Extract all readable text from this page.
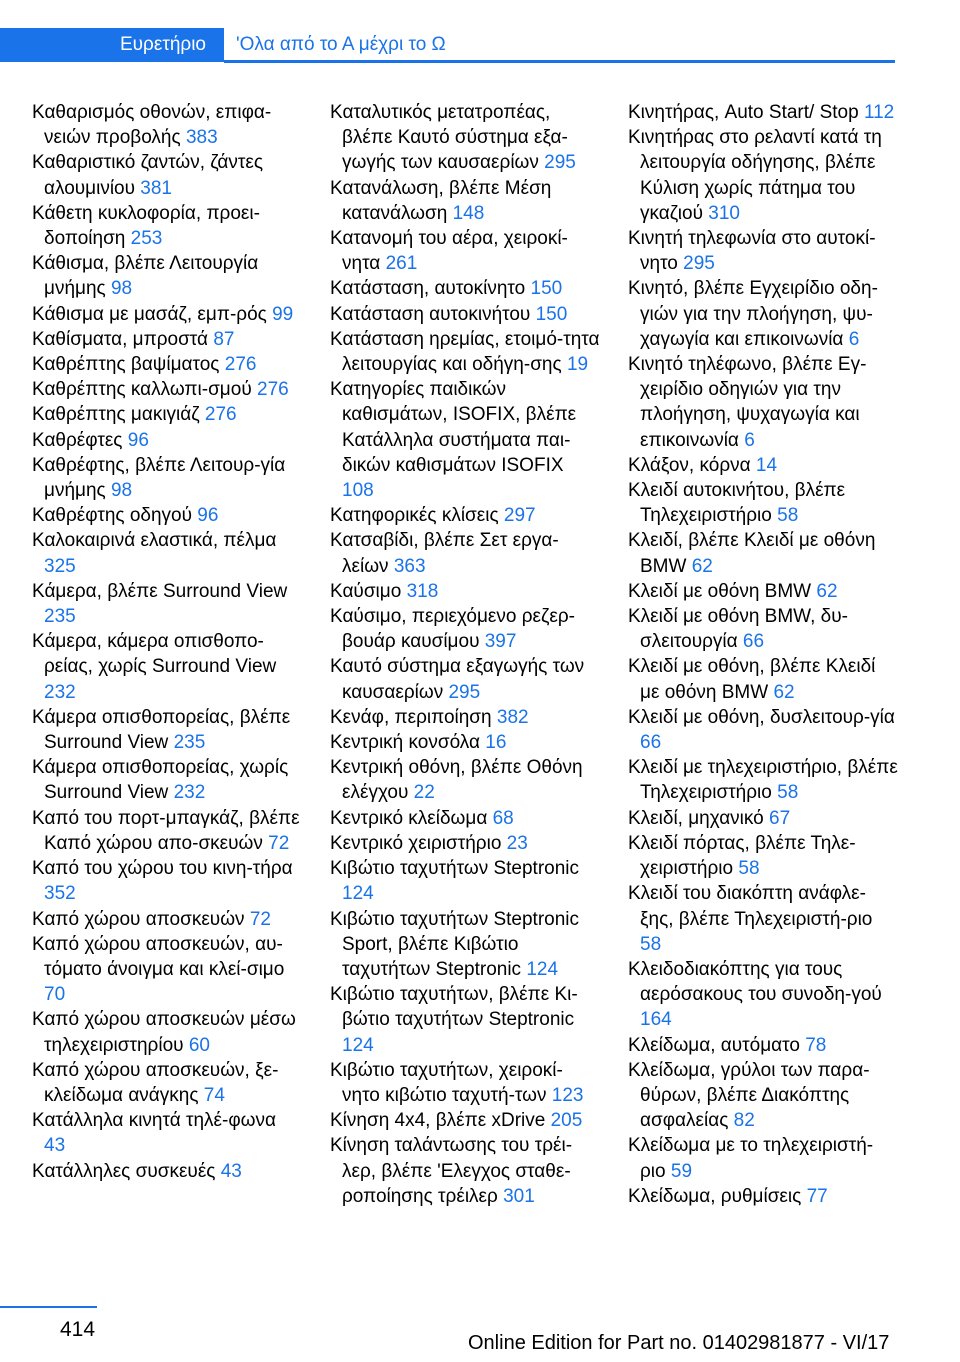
Ευρετήριο	'Ολα από το Α μέχρι το Ω

Καθαρισμός οθονών, επιφα-νειών προβολής 383

Καθαριστικό ζαντών, ζάντες αλουμινίου 381

Κάθετη κυκλοφορία, προει-δοποίηση 253

Κάθισμα, βλέπε Λειτουργία μνήμης 98

Κάθισμα με μασάζ, εμπ-ρός 99

Καθίσματα, μπροστά 87

Καθρέπτης βαψίματος 276

Καθρέπτης καλλωπι-σμού 276

Καθρέπτης μακιγιάζ 276

Καθρέφτες 96

Καθρέφτης, βλέπε Λειτουρ-γία μνήμης 98

Καθρέφτης οδηγού 96

Καλοκαιρινά ελαστικά, πέλμα 325

Κάμερα, βλέπε Surround View 235

Κάμερα, κάμερα οπισθοπο-ρείας, χωρίς Surround View 232

Κάμερα οπισθοπορείας, βλέπε Surround View 235

Κάμερα οπισθοπορείας, χωρίς Surround View 232

Καπό του πορτ-μπαγκάζ, βλέπε Καπό χώρου απο-σκευών 72

Καπό του χώρου του κινη-τήρα 352

Καπό χώρου αποσκευών 72

Καπό χώρου αποσκευών, αυ-τόματο άνοιγμα και κλεί-σιμο 70

Καπό χώρου αποσκευών μέσω τηλεχειριστηρίου 60

Καπό χώρου αποσκευών, ξε-κλείδωμα ανάγκης 74

Κατάλληλα κινητά τηλέ-φωνα 43

Κατάλληλες συσκευές 43

Καταλυτικός μετατροπέας, βλέπε Καυτό σύστημα εξα-γωγής των καυσαερίων 295

Κατανάλωση, βλέπε Μέση κατανάλωση 148

Κατανομή του αέρα, χειροκί-νητα 261

Κατάσταση, αυτοκίνητο 150

Κατάσταση αυτοκινήτου 150

Κατάσταση ηρεμίας, ετοιμό-τητα λειτουργίας και οδήγη-σης 19

Κατηγορίες παιδικών καθισμάτων, ISOFIX, βλέπε Κατάλληλα συστήματα παι-δικών καθισμάτων ISOFIX 108

Κατηφορικές κλίσεις 297

Κατσαβίδι, βλέπε Σετ εργα-λείων 363

Καύσιμο 318

Καύσιμο, περιεχόμενο ρεζερ-βουάρ καυσίμου 397

Καυτό σύστημα εξαγωγής των καυσαερίων 295

Κενάφ, περιποίηση 382

Κεντρική κονσόλα 16

Κεντρική οθόνη, βλέπε Οθόνη ελέγχου 22

Κεντρικό κλείδωμα 68

Κεντρικό χειριστήριο 23

Κιβώτιο ταχυτήτων Steptronic 124

Κιβώτιο ταχυτήτων Steptronic Sport, βλέπε Κιβώτιο ταχυτήτων Steptronic 124

Κιβώτιο ταχυτήτων, βλέπε Κι-βώτιο ταχυτήτων Steptronic 124

Κιβώτιο ταχυτήτων, χειροκί-νητο κιβώτιο ταχυτή-των 123

Κίνηση 4x4, βλέπε xDrive 205

Κίνηση ταλάντωσης του τρέι-λερ, βλέπε 'Ελεγχος σταθε-ροποίησης τρέιλερ 301

Κινητήρας, Auto Start/ Stop 112

Κινητήρας στο ρελαντί κατά τη λειτουργία οδήγησης, βλέπε Κύλιση χωρίς πάτημα του γκαζιού 310

Κινητή τηλεφωνία στο αυτοκί-νητο 295

Κινητό, βλέπε Εγχειρίδιο οδη-γιών για την πλοήγηση, ψυ-χαγωγία και επικοινωνία 6

Κινητό τηλέφωνο, βλέπε Εγ-χειρίδιο οδηγιών για την πλοήγηση, ψυχαγωγία και επικοινωνία 6

Κλάξον, κόρνα 14

Κλειδί αυτοκινήτου, βλέπε Τηλεχειριστήριο 58

Κλειδί, βλέπε Κλειδί με οθόνη BMW 62

Κλειδί με οθόνη BMW 62

Κλειδί με οθόνη BMW, δυ-σλειτουργία 66

Κλειδί με οθόνη, βλέπε Κλειδί με οθόνη BMW 62

Κλειδί με οθόνη, δυσλειτουρ-γία 66

Κλειδί με τηλεχειριστήριο, βλέπε Τηλεχειριστήριο 58

Κλειδί, μηχανικό 67

Κλειδί πόρτας, βλέπε Τηλε-χειριστήριο 58

Κλειδί του διακόπτη ανάφλε-ξης, βλέπε Τηλεχειριστή-ριο 58

Κλειδοδιακόπτης για τους αερόσακους του συνοδη-γού 164

Κλείδωμα, αυτόματο 78

Κλείδωμα, γρύλοι των παρα-θύρων, βλέπε Διακόπτης ασφαλείας 82

Κλείδωμα με το τηλεχειριστή-ριο 59

Κλείδωμα, ρυθμίσεις 77

414
Online Edition for Part no. 01402981877 - VI/17
